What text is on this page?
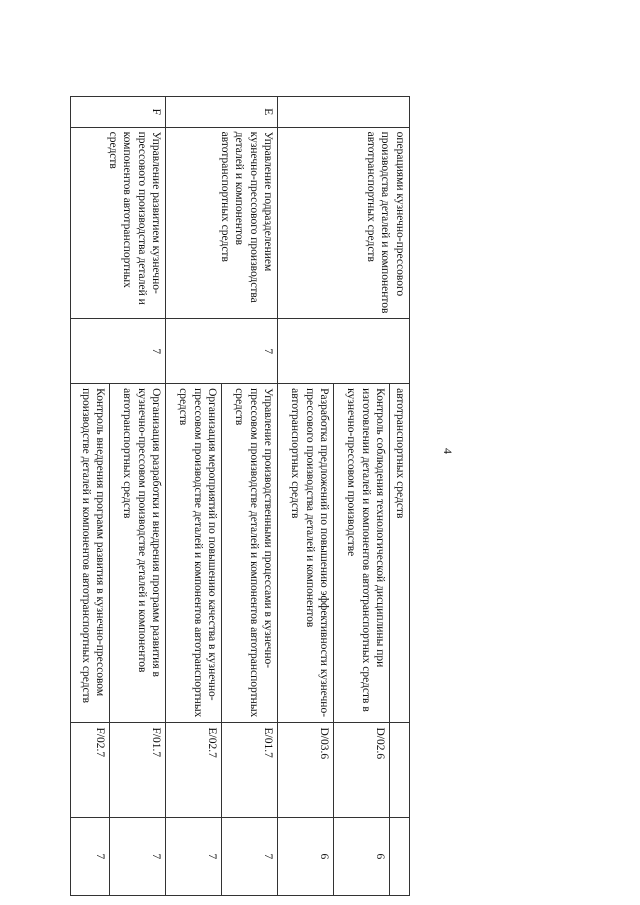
4
	операциями кузнечно-прессового производства деталей и компонентов автотранспортных средств		автотранспортных средств		
			Контроль соблюдения технологической дисциплины при изготовлении деталей и компонентов автотранспортных средств в кузнечно-прессовом производстве	D/02.6	6
			Разработка предложений по повышению эффективности кузнечно-прессового производства деталей и компонентов автотранспортных средств	D/03.6	6
E	Управление подразделением кузнечно-прессового производства деталей и компонентов автотранспортных средств	7	Управление производственными процессами в кузнечно-прессовом производстве деталей и компонентов автотранспортных средств	E/01.7	7
			Организация мероприятий по повышению качества в кузнечно-прессовом производстве деталей и компонентов автотранспортных средств	E/02.7	7
F	Управление развитием кузнечно-прессового производства деталей и компонентов автотранспортных средств	7	Организация разработки и внедрения программ развития в кузнечно-прессовом производстве деталей и компонентов автотранспортных средств	F/01.7	7
			Контроль внедрения программ развития в кузнечно-прессовом производстве деталей и компонентов автотранспортных средств	F/02.7	7
